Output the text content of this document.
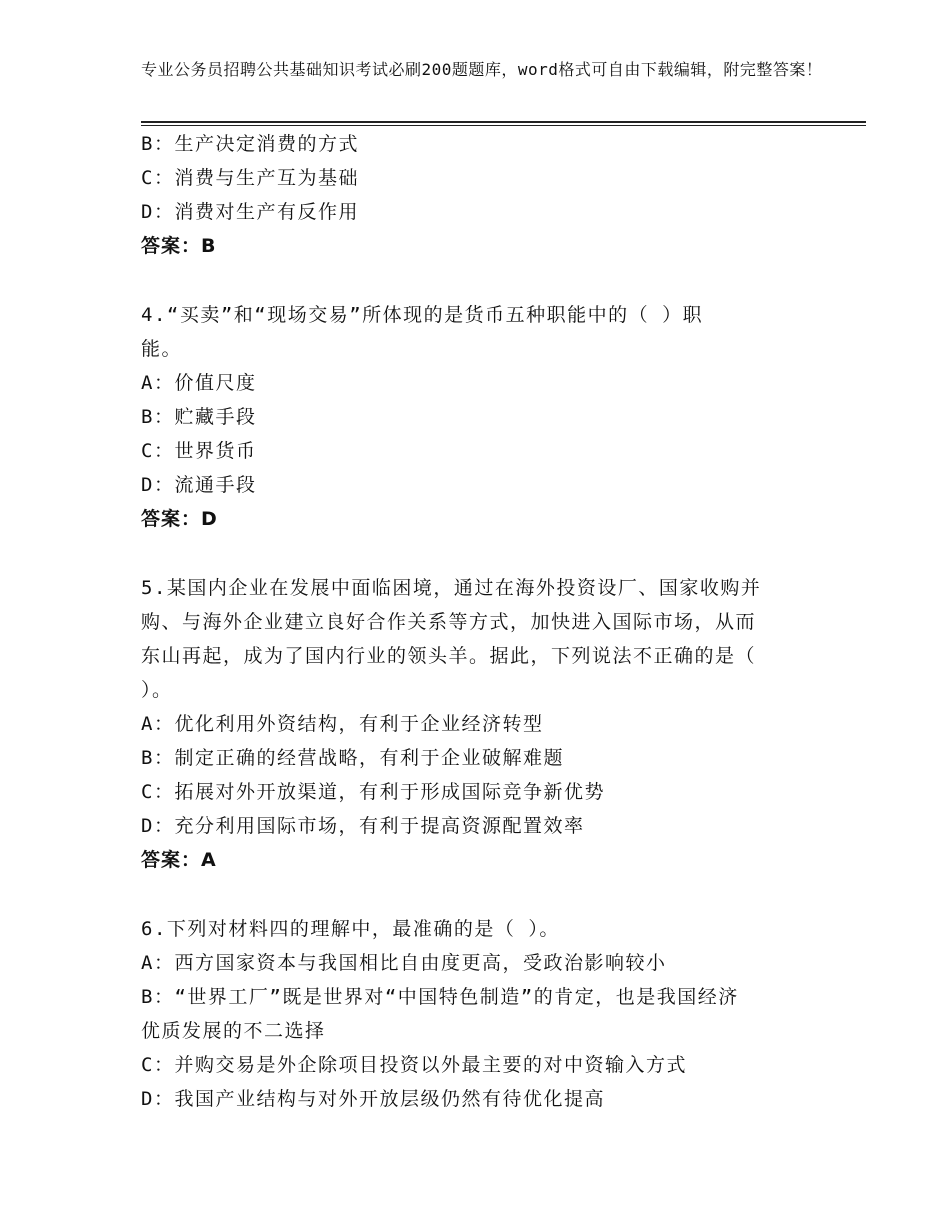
专业公务员招聘公共基础知识考试必刷200题题库，word格式可自由下载编辑，附完整答案！

B：生产决定消费的方式

C：消费与生产互为基础

D：消费对生产有反作用

答案：B

4.“买卖”和“现场交易”所体现的是货币五种职能中的（ ）职

能。

A：价值尺度

B：贮藏手段

C：世界货币

D：流通手段

答案：D

5.某国内企业在发展中面临困境，通过在海外投资设厂、国家收购并

购、与海外企业建立良好合作关系等方式，加快进入国际市场，从而

东山再起，成为了国内行业的领头羊。据此，下列说法不正确的是（

）。

A：优化利用外资结构，有利于企业经济转型

B：制定正确的经营战略，有利于企业破解难题

C：拓展对外开放渠道，有利于形成国际竞争新优势

D：充分利用国际市场，有利于提高资源配置效率

答案：A

6.下列对材料四的理解中，最准确的是（ ）。

A：西方国家资本与我国相比自由度更高，受政治影响较小

B：“世界工厂”既是世界对“中国特色制造”的肯定，也是我国经济

优质发展的不二选择

C：并购交易是外企除项目投资以外最主要的对中资输入方式

D：我国产业结构与对外开放层级仍然有待优化提高
